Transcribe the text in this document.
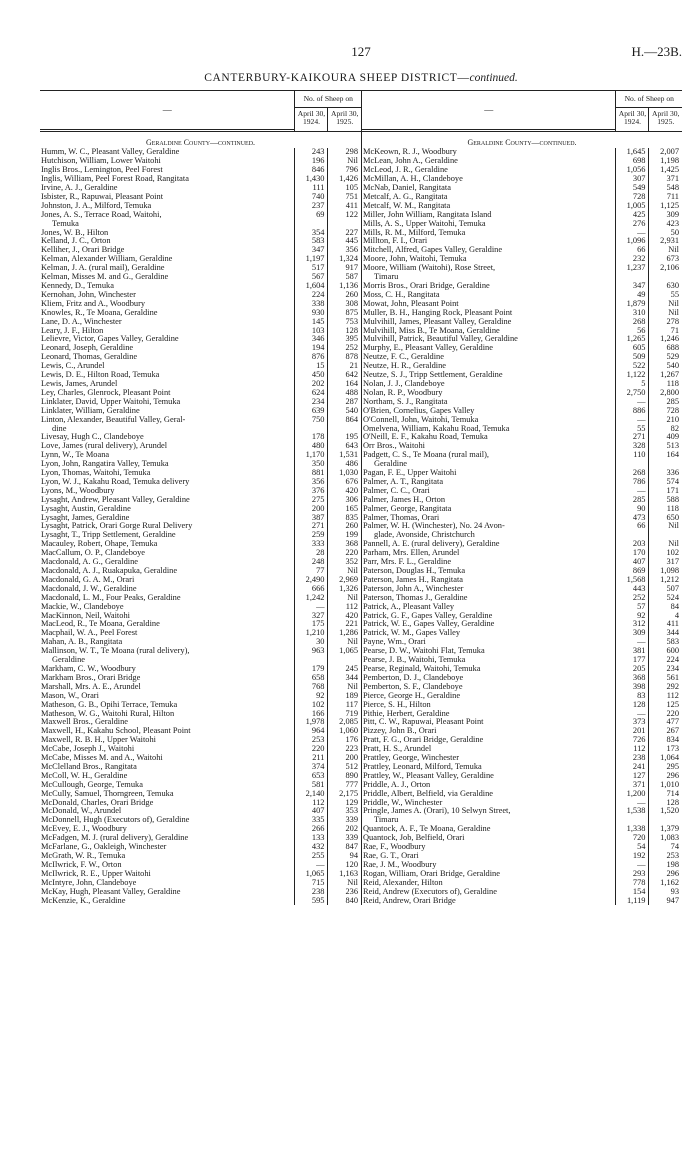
127	H.—23B.
CANTERBURY-KAIKOURA SHEEP DISTRICT—continued.
—	No. of Sheep on	
	April 30, 1924.	April 30, 1925.

Geraldine County—continued.		
Humm, W. C., Pleasant Valley, Geraldine	243	298
Hutchison, William, Lower Waitohi	196	Nil
Inglis Bros., Lemington, Peel Forest	846	796
Inglis, William, Peel Forest Road, Rangitata	1,430	1,426
Irvine, A. J., Geraldine	111	105
Isbister, R., Rapuwai, Pleasant Point	740	751
Johnston, J. A., Milford, Temuka	237	411
Jones, A. S., Terrace Road, Waitohi,	69	122
Temuka		
Jones, W. B., Hilton	354	227
Kelland, J. C., Orton	583	445
Kelliher, J., Orari Bridge	347	356
Kelman, Alexander William, Geraldine	1,197	1,324
Kelman, J. A. (rural mail), Geraldine	517	917
Kelman, Misses M. and G., Geraldine	567	587
Kennedy, D., Temuka	1,604	1,136
Kernohan, John, Winchester	224	260
Kliem, Fritz and A., Woodbury	338	308
Knowles, R., Te Moana, Geraldine	930	875
Lane, D. A., Winchester	145	753
Leary, J. F., Hilton	103	128
Lelievre, Victor, Gapes Valley, Geraldine	346	395
Leonard, Joseph, Geraldine	194	252
Leonard, Thomas, Geraldine	876	878
Lewis, C., Arundel	15	21
Lewis, D. E., Hilton Road, Temuka	450	642
Lewis, James, Arundel	202	164
Ley, Charles, Glenrock, Pleasant Point	624	488
Linklater, David, Upper Waitohi, Temuka	234	287
Linklater, William, Geraldine	639	540
Linton, Alexander, Beautiful Valley, Geral-	750	864
dine		
Livesay, Hugh C., Clandeboye	178	195
Love, James (rural delivery), Arundel	480	643
Lynn, W., Te Moana	1,170	1,531
Lyon, John, Rangatira Valley, Temuka	350	486
Lyon, Thomas, Waitohi, Temuka	881	1,030
Lyon, W. J., Kakahu Road, Temuka delivery	356	676
Lyons, M., Woodbury	376	420
Lysaght, Andrew, Pleasant Valley, Geraldine	275	306
Lysaght, Austin, Geraldine	200	165
Lysaght, James, Geraldine	387	835
Lysaght, Patrick, Orari Gorge Rural Delivery	271	260
Lysaght, T., Tripp Settlement, Geraldine	259	199
Macauley, Robert, Ohape, Temuka	333	368
MacCallum, O. P., Clandeboye	28	220
Macdonald, A. G., Geraldine	248	352
Macdonald, A. J., Ruakapuka, Geraldine	77	Nil
Macdonald, G. A. M., Orari	2,490	2,969
Macdonald, J. W., Geraldine	666	1,326
Macdonald, L. M., Four Peaks, Geraldine	1,242	Nil
Mackie, W., Clandeboye	—	112
MacKinnon, Neil, Waitohi	327	420
MacLeod, R., Te Moana, Geraldine	175	221
Macphail, W. A., Peel Forest	1,210	1,286
Mahan, A. B., Rangitata	30	Nil
Mallinson, W. T., Te Moana (rural delivery),	963	1,065
Geraldine		
Markham, C. W., Woodbury	179	245
Markham Bros., Orari Bridge	658	344
Marshall, Mrs. A. E., Arundel	768	Nil
Mason, W., Orari	92	189
Matheson, G. B., Opihi Terrace, Temuka	102	117
Matheson, W. G., Waitohi Rural, Hilton	166	719
Maxwell Bros., Geraldine	1,978	2,085
Maxwell, H., Kakahu School, Pleasant Point	964	1,060
Maxwell, R. B. H., Upper Waitohi	253	176
McCabe, Joseph J., Waitohi	220	223
McCabe, Misses M. and A., Waitohi	211	200
McClelland Bros., Rangitata	374	512
McColl, W. H., Geraldine	653	890
McCullough, George, Temuka	581	777
McCully, Samuel, Thorngreen, Temuka	2,140	2,175
McDonald, Charles, Orari Bridge	112	129
McDonald, W., Arundel	407	353
McDonnell, Hugh (Executors of), Geraldine	335	339
McEvey, E. J., Woodbury	266	202
McFadgen, M. J. (rural delivery), Geraldine	133	339
McFarlane, G., Oakleigh, Winchester	432	847
McGrath, W. R., Temuka	255	94
McIlwrick, F. W., Orton	—	120
McIlwrick, R. E., Upper Waitohi	1,065	1,163
McIntyre, John, Clandeboye	715	Nil
McKay, Hugh, Pleasant Valley, Geraldine	238	236
McKenzie, K., Geraldine	595	840
—	No. of Sheep on	
	April 30, 1924.	April 30, 1925.

Geraldine County—continued.		
McKeown, R. J., Woodbury	1,645	2,007
McLean, John A., Geraldine	698	1,198
McLeod, J. R., Geraldine	1,056	1,425
McMillan, A. H., Clandeboye	307	371
McNab, Daniel, Rangitata	549	548
Metcalf, A. G., Rangitata	728	711
Metcalf, W. M., Rangitata	1,005	1,125
Miller, John William, Rangitata Island	425	309
Mills, A. S., Upper Waitohi, Temuka	276	423
Mills, R. M., Milford, Temuka	—	50
Millton, F. I., Orari	1,096	2,931
Mitchell, Alfred, Gapes Valley, Geraldine	66	Nil
Moore, John, Waitohi, Temuka	232	673
Moore, William (Waitohi), Rose Street,	1,237	2,106
Timaru		
Morris Bros., Orari Bridge, Geraldine	347	630
Moss, C. H., Rangitata	49	55
Mowat, John, Pleasant Point	1,879	Nil
Muller, B. H., Hanging Rock, Pleasant Point	310	Nil
Mulvihill, James, Pleasant Valley, Geraldine	268	278
Mulvihill, Miss B., Te Moana, Geraldine	56	71
Mulvihill, Patrick, Beautiful Valley, Geraldine	1,265	1,246
Murphy, E., Pleasant Valley, Geraldine	605	688
Neutze, F. C., Geraldine	509	529
Neutze, H. R., Geraldine	522	540
Neutze, S. J., Tripp Settlement, Geraldine	1,122	1,267
Nolan, J. J., Clandeboye	5	118
Nolan, R. P., Woodbury	2,750	2,800
Northam, S. J., Rangitata	—	285
O'Brien, Cornelius, Gapes Valley	886	728
O'Connell, John, Waitohi, Temuka	—	210
Omelvena, William, Kakahu Road, Temuka	55	82
O'Neill, E. F., Kakahu Road, Temuka	271	409
Orr Bros., Waitohi	328	513
Padgett, C. S., Te Moana (rural mail),	110	164
Geraldine		
Pagan, F. E., Upper Waitohi	268	336
Palmer, A. T., Rangitata	786	574
Palmer, C. C., Orari	—	171
Palmer, James H., Orton	285	588
Palmer, George, Rangitata	90	118
Palmer, Thomas, Orari	473	650
Palmer, W. H. (Winchester), No. 24 Avon-	66	Nil
glade, Avonside, Christchurch		
Pannell, A. E. (rural delivery), Geraldine	203	Nil
Parham, Mrs. Ellen, Arundel	170	102
Parr, Mrs. F. L., Geraldine	407	317
Paterson, Douglas H., Temuka	869	1,098
Paterson, James H., Rangitata	1,568	1,212
Paterson, John A., Winchester	443	507
Paterson, Thomas J., Geraldine	252	524
Patrick, A., Pleasant Valley	57	84
Patrick, G. F., Gapes Valley, Geraldine	92	4
Patrick, W. E., Gapes Valley, Geraldine	312	411
Patrick, W. M., Gapes Valley	309	344
Payne, Wm., Orari	—	583
Pearse, D. W., Waitohi Flat, Temuka	381	600
Pearse, J. B., Waitohi, Temuka	177	224
Pearse, Reginald, Waitohi, Temuka	205	234
Pemberton, D. J., Clandeboye	368	561
Pemberton, S. F., Clandeboye	398	292
Pierce, George H., Geraldine	83	112
Pierce, S. H., Hilton	128	125
Pithie, Herbert, Geraldine	—	220
Pitt, C. W., Rapuwai, Pleasant Point	373	477
Pizzey, John B., Orari	201	267
Pratt, F. G., Orari Bridge, Geraldine	726	834
Pratt, H. S., Arundel	112	173
Prattley, George, Winchester	238	1,064
Prattley, Leonard, Milford, Temuka	241	295
Prattley, W., Pleasant Valley, Geraldine	127	296
Priddle, A. J., Orton	371	1,010
Priddle, Albert, Belfield, via Geraldine	1,200	714
Priddle, W., Winchester	—	128
Pringle, James A. (Orari), 10 Selwyn Street,	1,538	1,520
Timaru		
Quantock, A. F., Te Moana, Geraldine	1,338	1,379
Quantock, Job, Belfield, Orari	720	1,083
Rae, F., Woodbury	54	74
Rae, G. T., Orari	192	253
Rae, J. M., Woodbury	—	198
Rogan, William, Orari Bridge, Geraldine	293	296
Reid, Alexander, Hilton	778	1,162
Reid, Andrew (Executors of), Geraldine	154	93
Reid, Andrew, Orari Bridge	1,119	947
